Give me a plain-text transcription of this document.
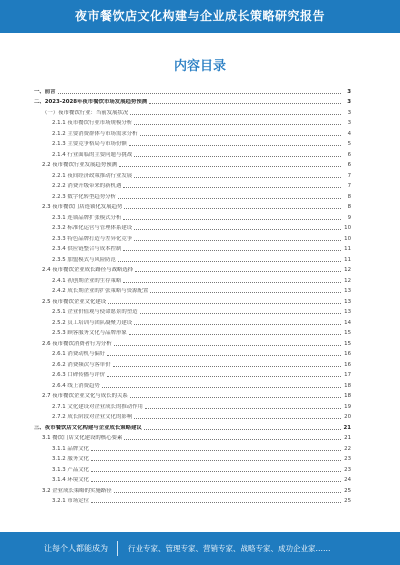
夜市餐饮店文化构建与企业成长策略研究报告
内容目录
一、前言	3
二、2023-2028年夜市餐饮市场发展趋势预测	3
（一）夜市餐饮行业：当前发展状况	3
2.1.1 夜市餐饮行业市场规模分析	3
2.1.2 主要消费群体与市场需求分析	4
2.1.3 主要竞争格局与市场份额	5
2.1.4 行业面临的主要问题与挑战	6
2.2 夜市餐饮行业发展趋势预测	6
2.2.1 夜间经济政策推动行业发展	7
2.2.2 消费升级带来的新机遇	7
2.2.3 数字化转型趋势分析	8
2.3 夜市餐饮门店连锁化发展趋势	8
2.3.1 连锁品牌扩张模式分析	9
2.3.2 标准化运营与管理体系建设	10
2.3.3 特色品牌打造与差异化竞争	10
2.3.4 供应链整合与成本控制	11
2.3.5 加盟模式与风险防范	11
2.4 夜市餐饮企业成长路径与战略选择	12
2.4.1 初创期企业的生存策略	12
2.4.2 成长期企业的扩张策略与资源配置	13
2.5 夜市餐饮企业文化建设	13
2.5.1 企业价值观与使命愿景的塑造	13
2.5.2 员工培训与团队凝聚力建设	14
2.5.3 顾客服务文化与品牌形象	15
2.6 夜市餐饮消费者行为分析	15
2.6.1 消费动机与偏好	16
2.6.2 消费频次与客单价	16
2.6.3 口碑传播与评价	17
2.6.4 线上消费趋势	18
2.7 夜市餐饮企业文化与成长的关系	18
2.7.1 文化建设对企业成长的推动作用	19
2.7.2 成长阶段对企业文化的影响	20
三、夜市餐饮店文化构建与企业成长策略建议	21
3.1 餐饮门店文化建设的核心要素	21
3.1.1 品牌文化	22
3.1.2 服务文化	23
3.1.3 产品文化	23
3.1.4 环境文化	24
3.2 企业成长策略的实施路径	25
3.2.1 市场定位	25
让每个人都能成为	行业专家、管理专家、营销专家、战略专家、成功企业家……
